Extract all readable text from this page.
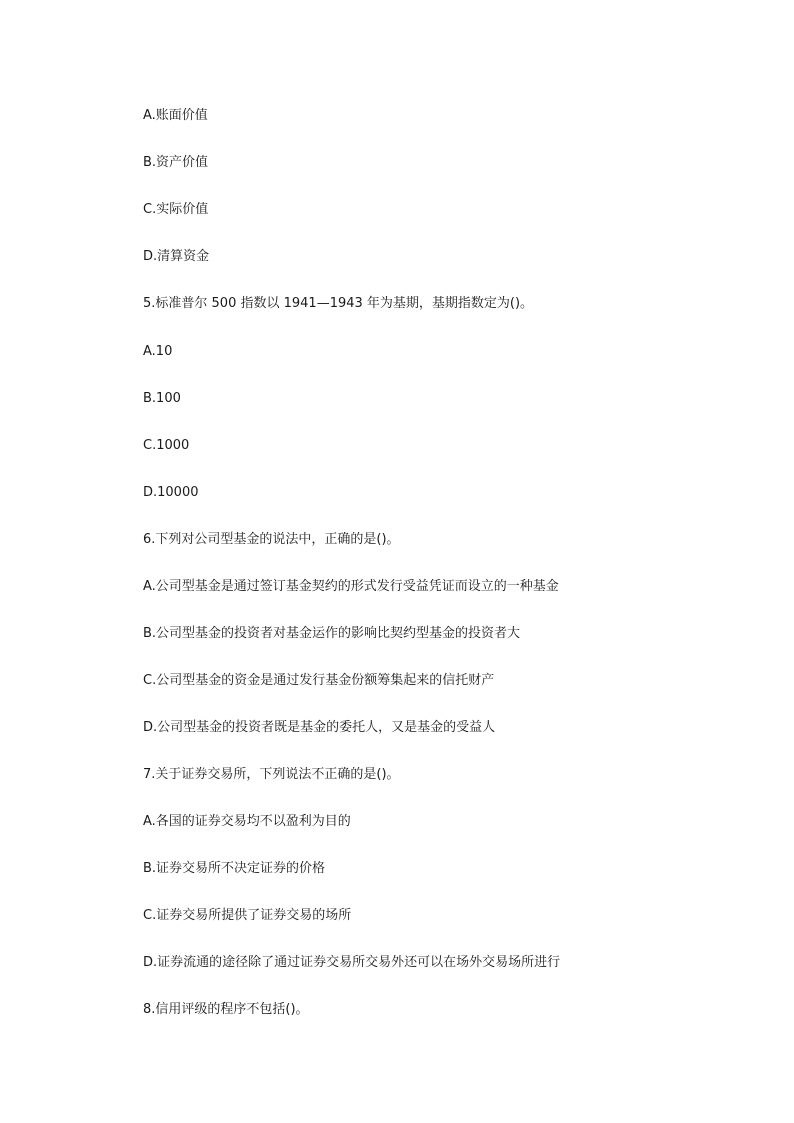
A.账面价值

B.资产价值

C.实际价值

D.清算资金

5.标准普尔 500 指数以 1941—1943 年为基期，基期指数定为()。

A.10

B.100

C.1000

D.10000

6.下列对公司型基金的说法中，正确的是()。

A.公司型基金是通过签订基金契约的形式发行受益凭证而设立的一种基金

B.公司型基金的投资者对基金运作的影响比契约型基金的投资者大

C.公司型基金的资金是通过发行基金份额筹集起来的信托财产

D.公司型基金的投资者既是基金的委托人，又是基金的受益人

7.关于证券交易所，下列说法不正确的是()。

A.各国的证券交易均不以盈利为目的

B.证券交易所不决定证券的价格

C.证券交易所提供了证券交易的场所

D.证券流通的途径除了通过证券交易所交易外还可以在场外交易场所进行

8.信用评级的程序不包括()。
